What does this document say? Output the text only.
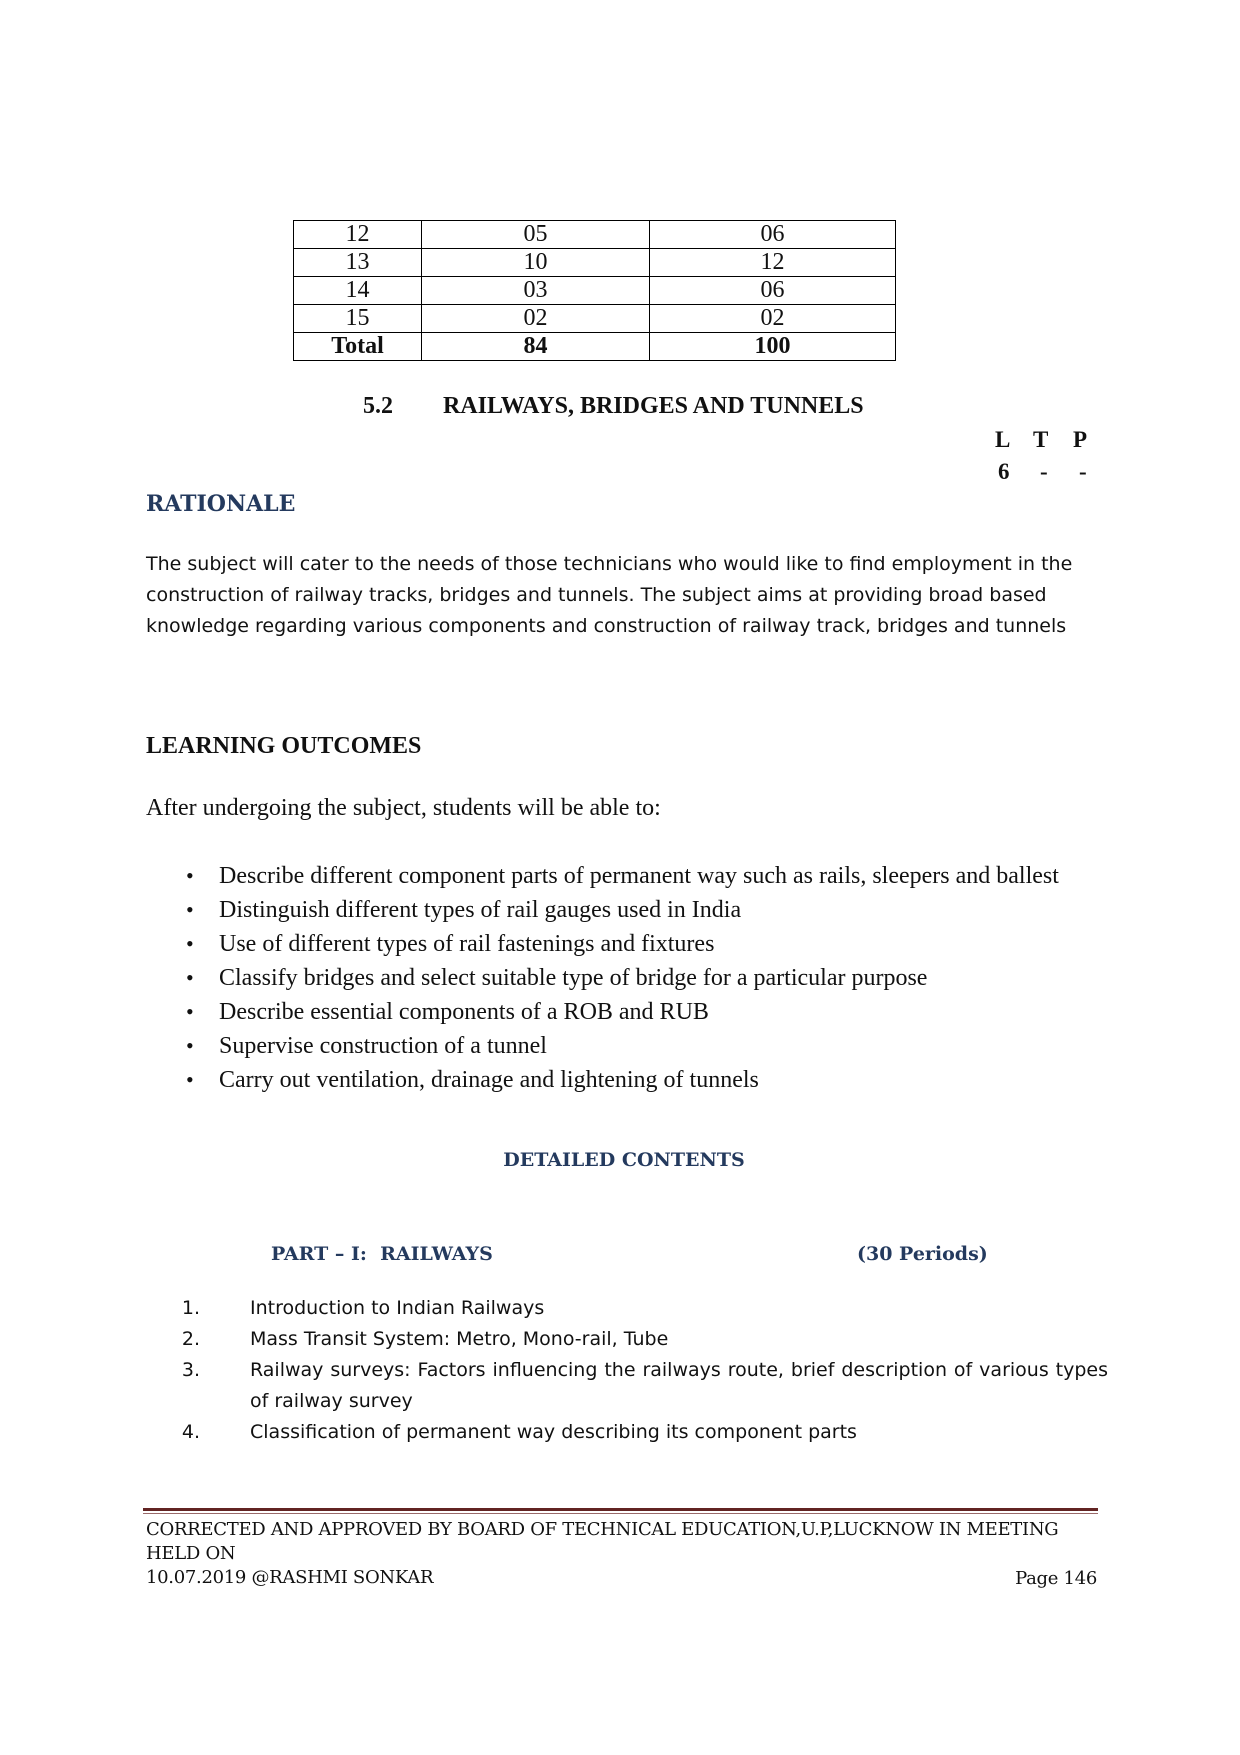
12	05	06
13	10	12
14	03	06
15	02	02
Total	84	100
5.2 RAILWAYS, BRIDGES AND TUNNELS
L T P
6 - -
RATIONALE
The subject will cater to the needs of those technicians who would like to find employment in the
construction of railway tracks, bridges and tunnels. The subject aims at providing broad based
knowledge regarding various components and construction of railway track, bridges and tunnels
LEARNING OUTCOMES
After undergoing the subject, students will be able to:
• Describe different component parts of permanent way such as rails, sleepers and ballest
• Distinguish different types of rail gauges used in India
• Use of different types of rail fastenings and fixtures
• Classify bridges and select suitable type of bridge for a particular purpose
• Describe essential components of a ROB and RUB
• Supervise construction of a tunnel
• Carry out ventilation, drainage and lightening of tunnels
DETAILED CONTENTS
PART – I:  RAILWAYS	(30 Periods)
1.	Introduction to Indian Railways
2.	Mass Transit System: Metro, Mono-rail, Tube
3.	Railway surveys: Factors influencing the railways route, brief description of various types of railway survey
4.	Classification of permanent way describing its component parts
CORRECTED AND APPROVED BY BOARD OF TECHNICAL EDUCATION,U.P,LUCKNOW IN MEETING HELD ON
10.07.2019 @RASHMI SONKAR	Page 146
